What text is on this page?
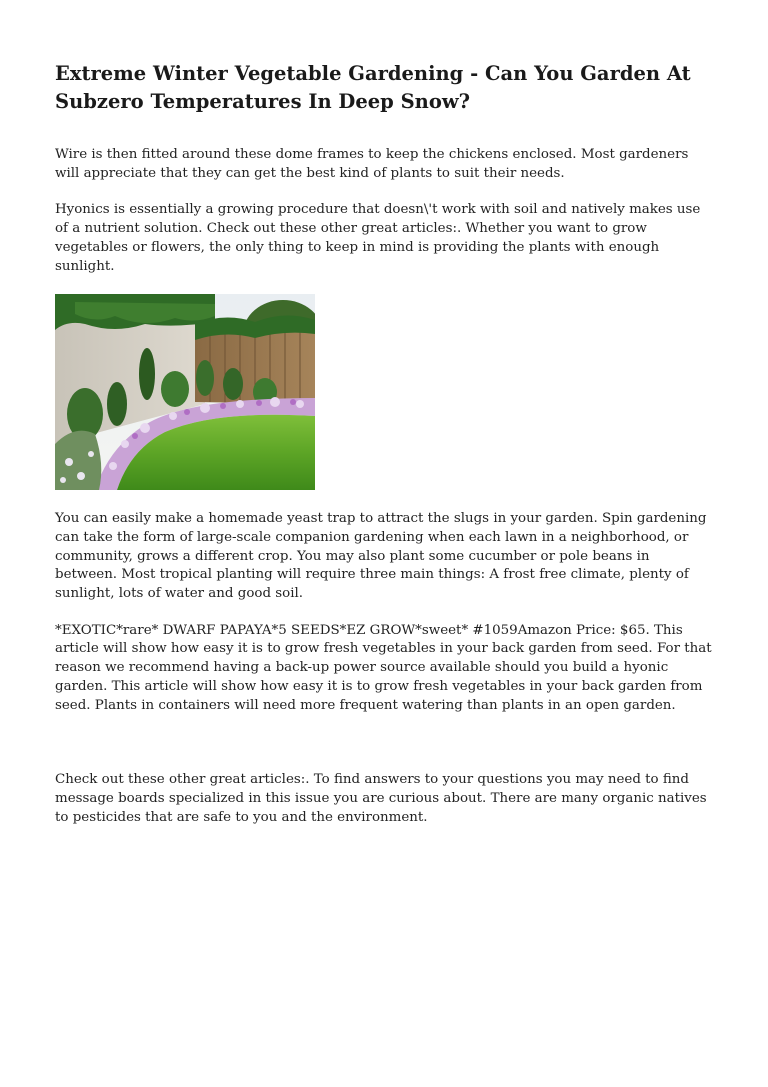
Extreme Winter Vegetable Gardening - Can You Garden At Subzero Temperatures In Deep Snow?

Wire is then fitted around these dome frames to keep the chickens enclosed. Most gardeners will appreciate that they can get the best kind of plants to suit their needs.

Hyonics is essentially a growing procedure that doesn\'t work with soil and natively makes use of a nutrient solution. Check out these other great articles:. Whether you want to grow vegetables or flowers, the only thing to keep in mind is providing the plants with enough sunlight.

You can easily make a homemade yeast trap to attract the slugs in your garden. Spin gardening can take the form of large-scale companion gardening when each lawn in a neighborhood, or community, grows a different crop. You may also plant some cucumber or pole beans in between. Most tropical planting will require three main things: A frost free climate, plenty of sunlight, lots of water and good soil.

*EXOTIC*rare* DWARF PAPAYA*5 SEEDS*EZ GROW*sweet* #1059Amazon Price: $65. This article will show how easy it is to grow fresh vegetables in your back garden from seed. For that reason we recommend having a back-up power source available should you build a hyonic garden. This article will show how easy it is to grow fresh vegetables in your back garden from seed. Plants in containers will need more frequent watering than plants in an open garden.

Check out these other great articles:. To find answers to your questions you may need to find message boards specialized in this issue you are curious about. There are many organic natives to pesticides that are safe to you and the environment.
